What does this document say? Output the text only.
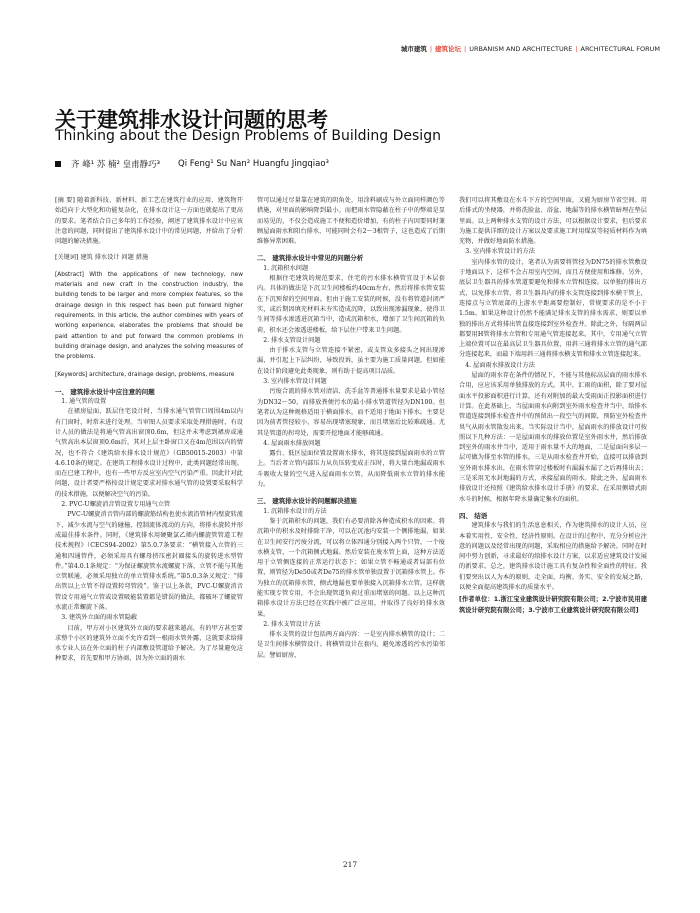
城市建筑 | 建筑论坛 | URBANISM AND ARCHITECTURE | ARCHITECTURAL FORUM
关于建筑排水设计问题的思考
Thinking about the Design Problems of Building Design
齐 峰¹ 苏 楠² 皇甫静巧³ Qi Feng¹ Su Nan² Huangfu Jingqiao³

[摘 要] 随着新科技、新材料、新工艺在建筑行业的应用，建筑物开始趋向于大型化和功能复杂化，在排水设计这一方面也就提出了更高的要求。笔者结合自己多年的工作经验，阐述了建筑排水设计中应该注意的问题，同时提出了建筑排水设计中的常见问题，并给出了分析问题的解决措施。

[关键词] 建筑 排水设计 问题 措施

[Abstract] With the applications of new technology, new materials and new craft in the construction industry, the building tends to be larger and more complex features, so the drainage design in this respect has been put forward higher requirements. In this article, the author combines with years of working experience, elaborates the problems that should be paid attention to and put forward the common problems in building drainage design, and analyzes the solving measures of the problems.

[Keywords] architecture, drainage design, problems, measure

一、 建筑排水设计中应注意的问题

1. 通气管的设置

在裙房屋面、跃层住宅设计时，当排水通气管管口周围4m以内有门窗时，时常未进行处理。当审图人员要求采取处理措施时，有设计人员的做法是将通气管高出窗顶0.6m，但这并未考虑到裙房或通气管高出本层窗顶0.6m后，其对上层主卧窗口又在4m范围以内的情况，也不符合《建筑给水排水设计规范》（GB50015-2003）中第4.6.10条的规定。在建筑工程排水设计过程中，此类问题经常出现。而在已建工程中，也有一些甲方反应室内空气污染严重。因此针对此问题，设计者要严格按设计规定要求对排水通气管的设置要采取科学的技术措施，以便解决空气的污染。

2. PVC-U螺旋消音管设置专用通气立管

PVC-U螺旋消音管内部的螺旋筋结构也使水流沿管材内壁旋转流下，减少水流与空气的碰撞，控制流体流动的方向，将排水旋转并形成最佳排水条件。同时，《建筑排水用硬聚氯乙烯内螺旋管管道工程技术规程》（CECS94-2002）第5.0.7条要求：“横管接入立管的三通和四通管件，必须采用具有螺母挤压密封圈接头的旋转进水型管件。”第4.0.1条规定：“为保证螺旋管水流螺旋下落，立管不能与其他立管联通，必须采用独立的单立管排水系统。”第5.0.3条又规定：“排出管以上立管不得设置转弯管段”。鉴于以上条款，PVC-U螺旋消音管设专用通气立管或设置吸能装置都是错误的做法，都破坏了螺旋管水流正常螺旋下落。

3. 建筑外立面的雨水管隐蔽

目前，甲方对小区建筑外立面的要求越来越高，有的甲方甚至要求整个小区的建筑外立面不允许看到一根雨水管外露，这就要求给排水专业人员在外立面的柱子内部敷设管道给予解决。为了尽量避免这种要求，首先要和甲方协商，因为外立面的雨水

管可以通过尽量靠在建筑的阴角处，用涂料刷成与外立面同样颜色等措施，对里面的影响降到最小。而把雨水管隐蔽在柱子中的弊端是显而易见的，不仅会造成施工不便和造价增加，有的柱子内因要同时兼顾屋面雨水和阳台排水，可能同时会有2～3根管子，这也造成了后期维修异常困难。

二、 建筑排水设计中常见的问题分析

1. 沉箱积水问题

根据住宅建筑的规范要求，住宅的污水排水横管宜设于本层套内。具体的做法是下沉卫生间楼板约40cm左右，然后将排水管安装在下沉预留的空间里面。但由于施工安装的时候，没有将管道封闭严实，或后期因填充材料未夯实造成沉降，以致出现渗漏现象，使得卫生间等排水渗透进沉箱当中，造成沉箱积水，增加了卫生间沉箱的负荷，积水还会渗透进楼板，给下层住户带来卫生问题。

2. 排水支管设计问题

由于排水支管与立管连接不紧密，或支管众多接头之间出现渗漏，并引起上下层纠纷，导致投诉，虽主要为施工质量问题，但如能在设计阶段避免此类现象，则有助于提高项目品质。

3. 室内排水管设计问题

污废合流的排水管对清洁、洗手盆等普通排水量要求是最小管径为DN32～50，而排放粪便污水的最小排水管道管径为DN100。但笔者认为这种规格适用于横面排水，而不适用于地面下排水。主要是因为前者管径较小，容易出现堵塞现象，而且堵塞后比较难疏通。尤其是管道的拐弯处，需要开挖地面才能够疏通。

4. 屋面雨水排放问题

露台、低区屋面位置设置雨水排水，将其连接到屋面雨水的立管上。当后者立管内部压力从负压转变成正压时，将大量台地漏或雨水斗吸收大量的空气进入屋面雨水立管，从而降低雨水立管的排水能力。

三、 建筑排水设计的问题解决措施

1. 沉箱排水设计的方法

鉴于沉箱积水的问题，我们有必要消除各种造成积水的因素。将沉箱中的积水及时排除干净，可以在沉池内安装一个侧排地漏，如果在卫生间安行污废分流，可以将立体四通分别接入两个只管，一个废水横支管，一个沉箱侧式地漏。然后安装在废水管上面，这种方法适用于立管侧连接的正常运行状态下；如果立管不畅通或者局部有位置，则管径为De50或者De75的排水管单独设置于沉箱排水管上。作为独立的沉箱排水管，侧式地漏也要单独接入沉箱排水立管。这样就能实现专管专用，不会出现管道负荷过重而堵塞的问题。以上这种沉箱排水设计方法已经在实践中被广泛应用，并取得了良好的排水效果。

2. 排水支管设计方法

排水支管的设计包括两方面内容：一是室内排水横管的设计；二是卫生间排水横管设计。将横管设计在套内，避免渗透的污水污染邻层。譬如厨房，

我们可以将其敷设在水斗下方的空间里面，又能为厨房节省空间。用后排式的坐便器，并将洗脸盆、浴盆、地漏等的排水横管暗埋在垫层里面。以上两种排水支管的设计方法，可以根据设计要求，但后要求为施工提供详细的设计方案以及要求施工时用煤炭等轻质材料作为填充物，并做好地面防水措施。

3. 室内排水管设计的方法

室内排水管的设计，笔者认为需要将管径为DN75的排水管敷设于地面以下，这样不会占用室内空间，而且方便使用和维修。另外，底层卫生器具的排水管道要避免和排水立管相连接。以单独的排出方式，以免排水立管，将卫生器具内的排水支管连接到排水横干管上，连接点与立管底部的上游水平距离要控制好，常规要求的是不小于1.5m。如果这种设计仍然不能满足排水支管的排水需求，则要以单独的排出方式将排出管直接连接到室外检查井。除此之外，每隔两层都要用H管将排水立管和专用通气管连接起来。其中，专用通气立管上端位置可以在最高层卫生器具位置，用斜三通将排水立管的通气部分连接起来，而最下端用斜三通将排水横支管和排水立管连接起来。

4. 屋面雨水排放设计方法

屋面的雨水存在条件的情况下，不能与其他标高层面的雨水排水合用，应应该采用单独排放的方式。其中，汇雨的面积，除了要对屋面水平投影面积进行计算，还有对附加的最大受雨面正投影面积进行计算。在此基础上，当屋面雨水向附到室外雨水检查井当中，给排水管道连接到排水检查井中的预留出一段空气的间隙，预防室外检查井臭气从雨水管散发出来。当实际设计当中，屋面雨水的排放设计可按照以下几种方法：一是屋面雨水的排放位置是室外雨水井，然后排放到室外的雨水井当中，适用于雨水量不大的地面，二是屋面向多层一层可做为排至水管的排水，三是从雨水检查井开始，直接可以排放到室外雨水排水出，在雨水管穿过楼板时有漏漏水漏了之后再排出去；三是采用无水封地漏的方式，承接屋面的雨水。除此之外，屋面雨水排放设计还按照《建筑给水排水设计手册》的要求，在采用侧墙式雨水斗的时候，根据年降水量确定集水的面积。

四、 结语

建筑排水与我们的生活息息相关，作为建筑排水的设计人员，应本着实用性、安全性、经济性原则。在设计的过程中，充分分析应注意的问题以及经常出现的问题，采取相应的措施给予解决。同时在时间中努力创新，寻求最好的给排水设计方案，以求适应建筑设计发展的新要求。总之，建筑排水设计施工具有复杂性和全面性的特征。我们要突出以人为本的原则，走全面、均衡、务实、安全的发展之路，以便全面提高建筑排水的质量水平。

[作者单位：1.浙江宝业建筑设计研究院有限公司；2.宁波市民用建筑设计研究院有限公司；3.宁波市工业建筑设计研究院有限公司]

217
